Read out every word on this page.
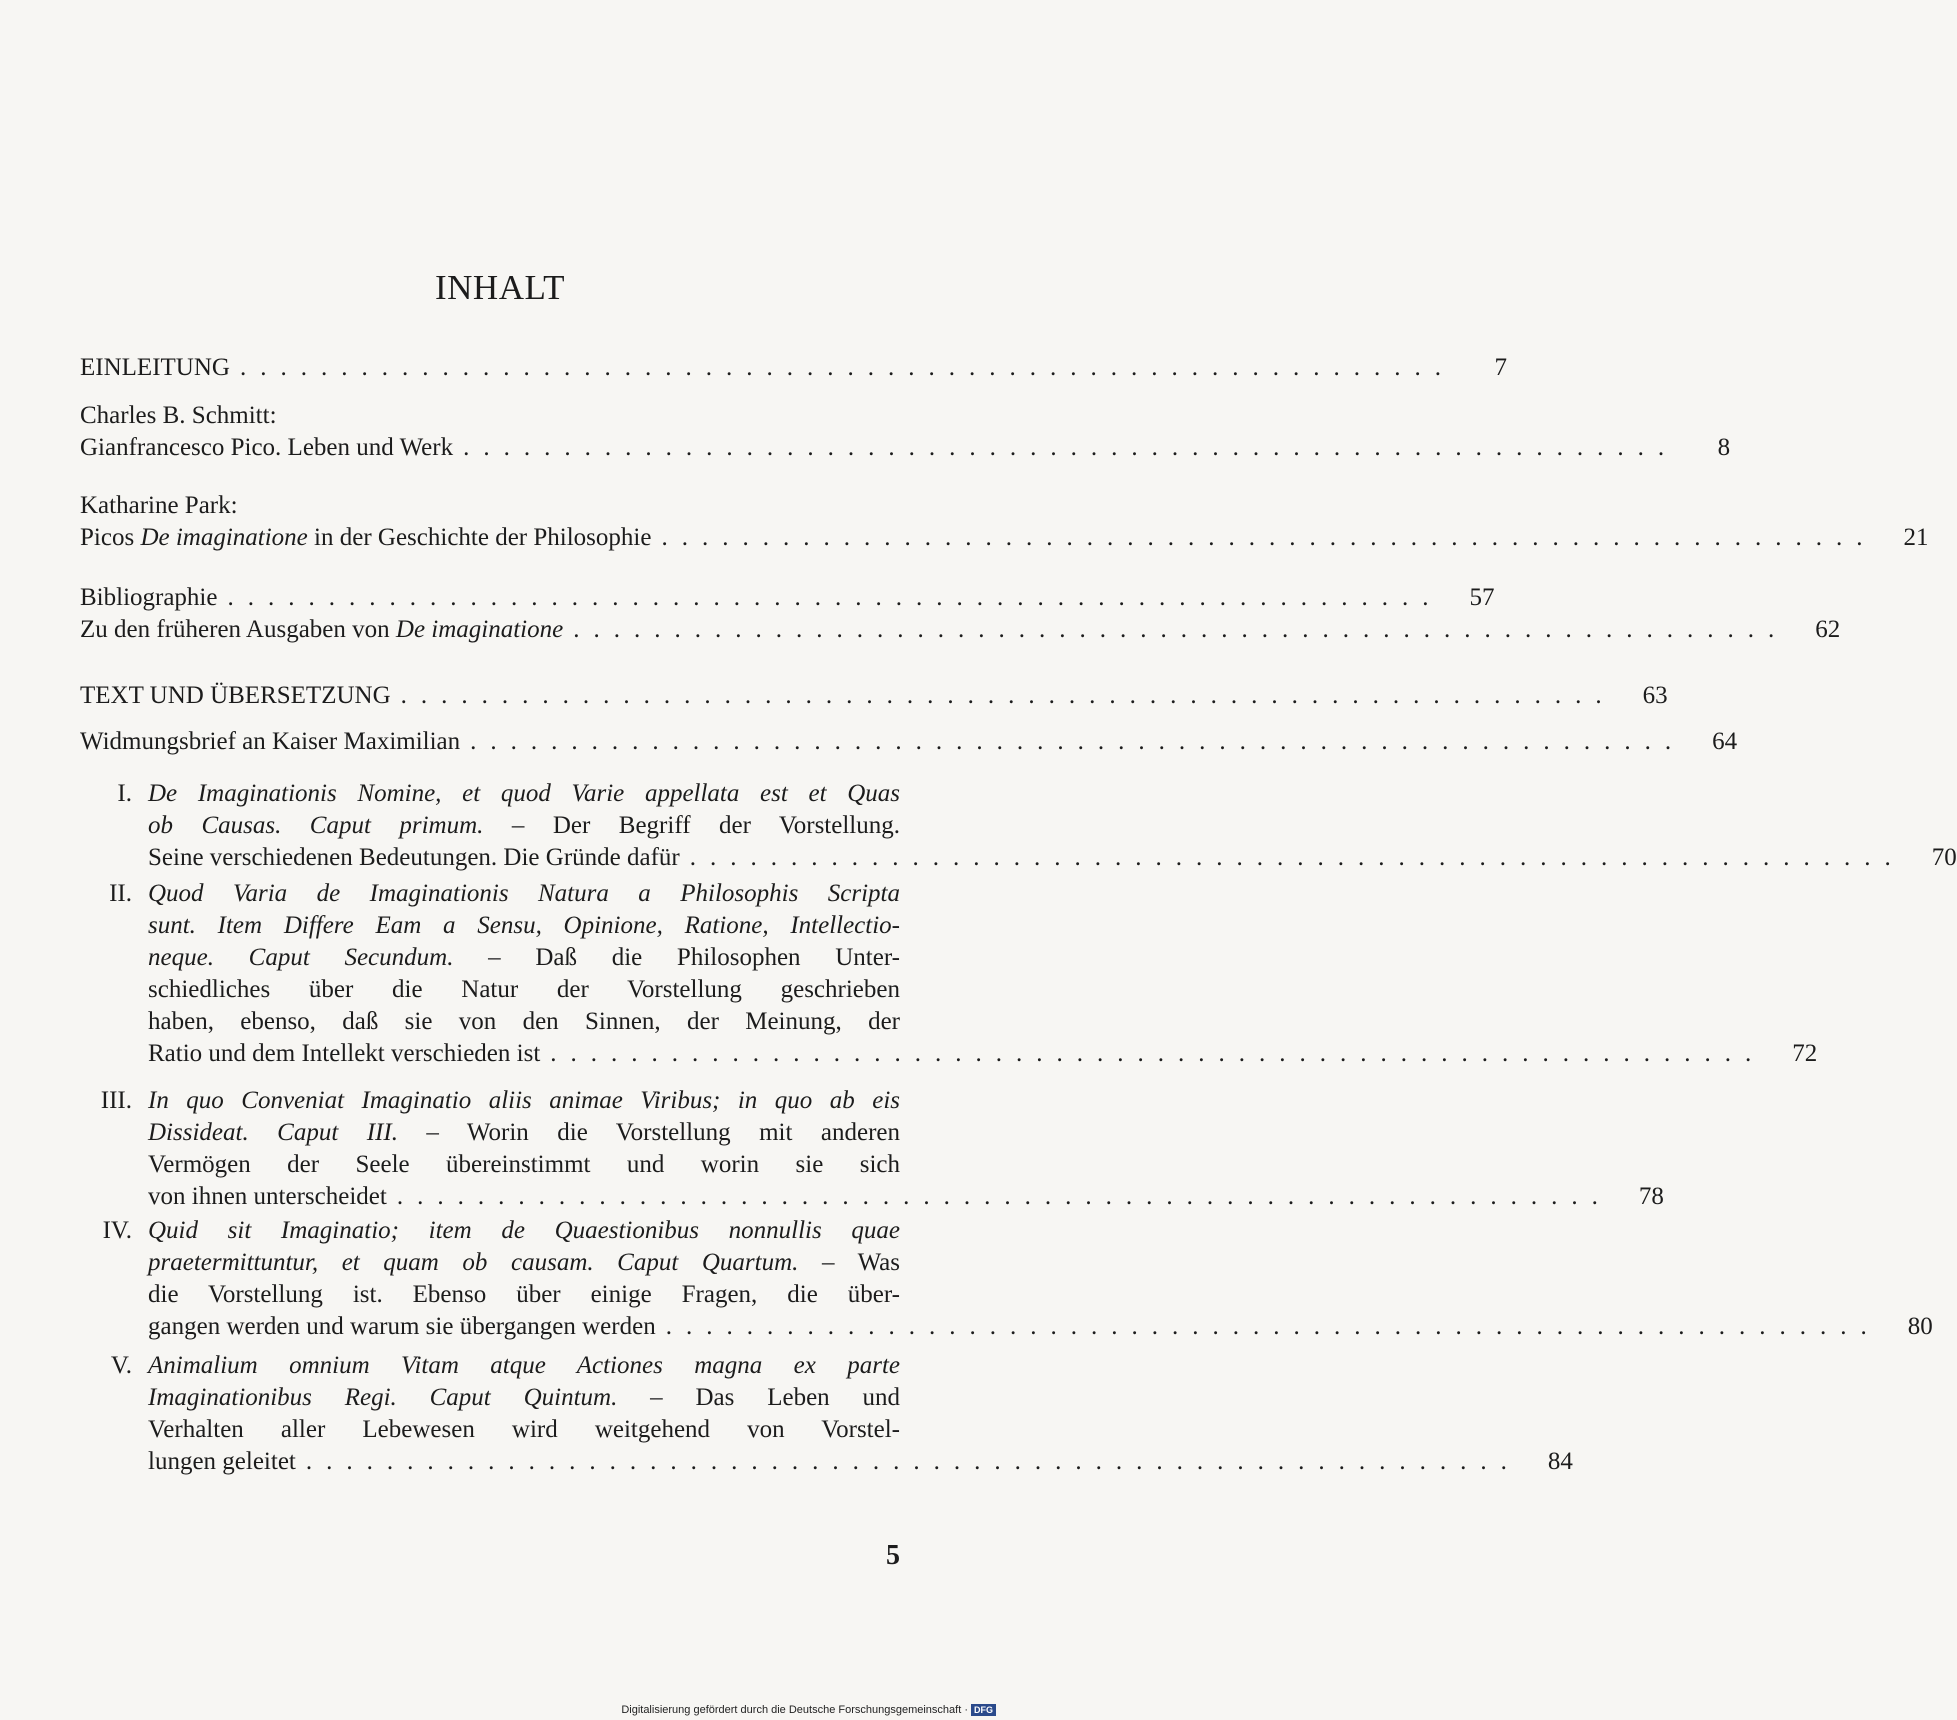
INHALT
EINLEITUNG ............................................................	7
Charles B. Schmitt:
Gianfrancesco Pico. Leben und Werk ............................................................	8
Katharine Park:
Picos De imaginatione in der Geschichte der Philosophie ............................................................	21
Bibliographie ............................................................	57
Zu den früheren Ausgaben von De imaginatione ............................................................	62
TEXT UND ÜBERSETZUNG ............................................................	63
Widmungsbrief an Kaiser Maximilian ............................................................	64
I. De Imaginationis Nomine, et quod Varie appellata est et Quas
ob Causas. Caput primum. – Der Begriff der Vorstellung.
Seine verschiedenen Bedeutungen. Die Gründe dafür ............................................................	70
II. Quod Varia de Imaginationis Natura a Philosophis Scripta
sunt. Item Differe Eam a Sensu, Opinione, Ratione, Intellectio-
neque. Caput Secundum. – Daß die Philosophen Unter-
schiedliches über die Natur der Vorstellung geschrieben
haben, ebenso, daß sie von den Sinnen, der Meinung, der
Ratio und dem Intellekt verschieden ist ............................................................	72
III. In quo Conveniat Imaginatio aliis animae Viribus; in quo ab eis
Dissideat. Caput III. – Worin die Vorstellung mit anderen
Vermögen der Seele übereinstimmt und worin sie sich
von ihnen unterscheidet ............................................................	78
IV. Quid sit Imaginatio; item de Quaestionibus nonnullis quae
praetermittuntur, et quam ob causam. Caput Quartum. – Was
die Vorstellung ist. Ebenso über einige Fragen, die über-
gangen werden und warum sie übergangen werden ............................................................	80
V. Animalium omnium Vitam atque Actiones magna ex parte
Imaginationibus Regi. Caput Quintum. – Das Leben und
Verhalten aller Lebewesen wird weitgehend von Vorstel-
lungen geleitet ............................................................	84
5
Digitalisierung gefördert durch die Deutsche Forschungsgemeinschaft · DFG
